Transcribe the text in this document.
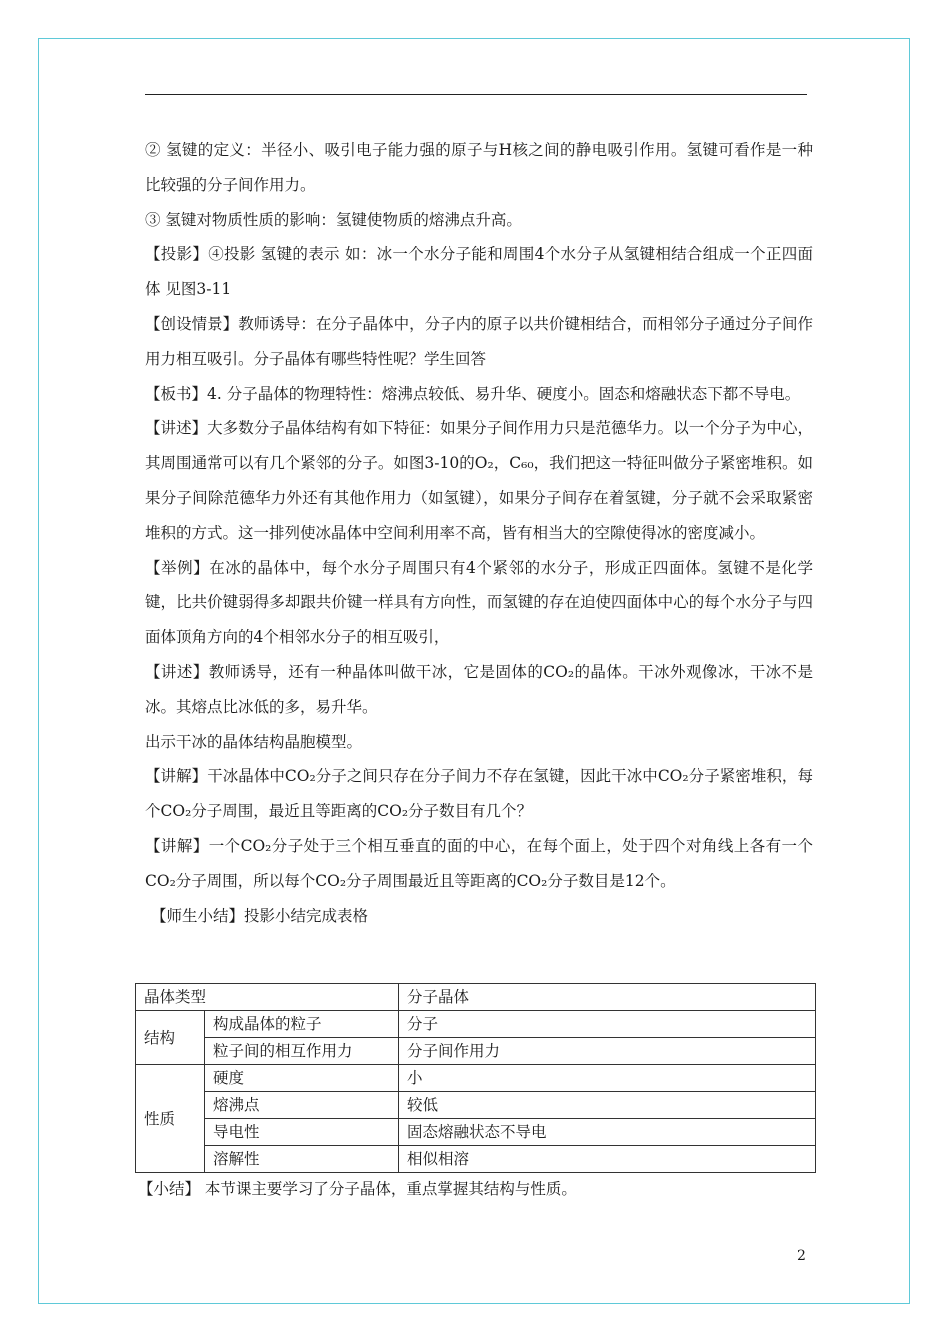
② 氢键的定义：半径小、吸引电子能力强的原子与H核之间的静电吸引作用。氢键可看作是一种比较强的分子间作用力。

③ 氢键对物质性质的影响：氢键使物质的熔沸点升高。

【投影】④投影 氢键的表示 如：冰一个水分子能和周围4个水分子从氢键相结合组成一个正四面体 见图3-11

【创设情景】教师诱导：在分子晶体中，分子内的原子以共价键相结合，而相邻分子通过分子间作用力相互吸引。分子晶体有哪些特性呢？学生回答

【板书】4. 分子晶体的物理特性：熔沸点较低、易升华、硬度小。固态和熔融状态下都不导电。

【讲述】大多数分子晶体结构有如下特征：如果分子间作用力只是范德华力。以一个分子为中心，其周围通常可以有几个紧邻的分子。如图3-10的O₂，C₆₀，我们把这一特征叫做分子紧密堆积。如果分子间除范德华力外还有其他作用力（如氢键），如果分子间存在着氢键，分子就不会采取紧密堆积的方式。这一排列使冰晶体中空间利用率不高，皆有相当大的空隙使得冰的密度减小。

【举例】在冰的晶体中，每个水分子周围只有4个紧邻的水分子，形成正四面体。氢键不是化学键，比共价键弱得多却跟共价键一样具有方向性，而氢键的存在迫使四面体中心的每个水分子与四面体顶角方向的4个相邻水分子的相互吸引，

【讲述】教师诱导，还有一种晶体叫做干冰，它是固体的CO₂的晶体。干冰外观像冰，干冰不是冰。其熔点比冰低的多，易升华。

出示干冰的晶体结构晶胞模型。

【讲解】干冰晶体中CO₂分子之间只存在分子间力不存在氢键，因此干冰中CO₂分子紧密堆积，每个CO₂分子周围，最近且等距离的CO₂分子数目有几个？

【讲解】一个CO₂分子处于三个相互垂直的面的中心，在每个面上，处于四个对角线上各有一个CO₂分子周围，所以每个CO₂分子周围最近且等距离的CO₂分子数目是12个。

【师生小结】投影小结完成表格

晶体类型		分子晶体
结构	构成晶体的粒子	分子
	粒子间的相互作用力	分子间作用力
性质	硬度	小
	熔沸点	较低
	导电性	固态熔融状态不导电
	溶解性	相似相溶
【小结】 本节课主要学习了分子晶体，重点掌握其结构与性质。
2
